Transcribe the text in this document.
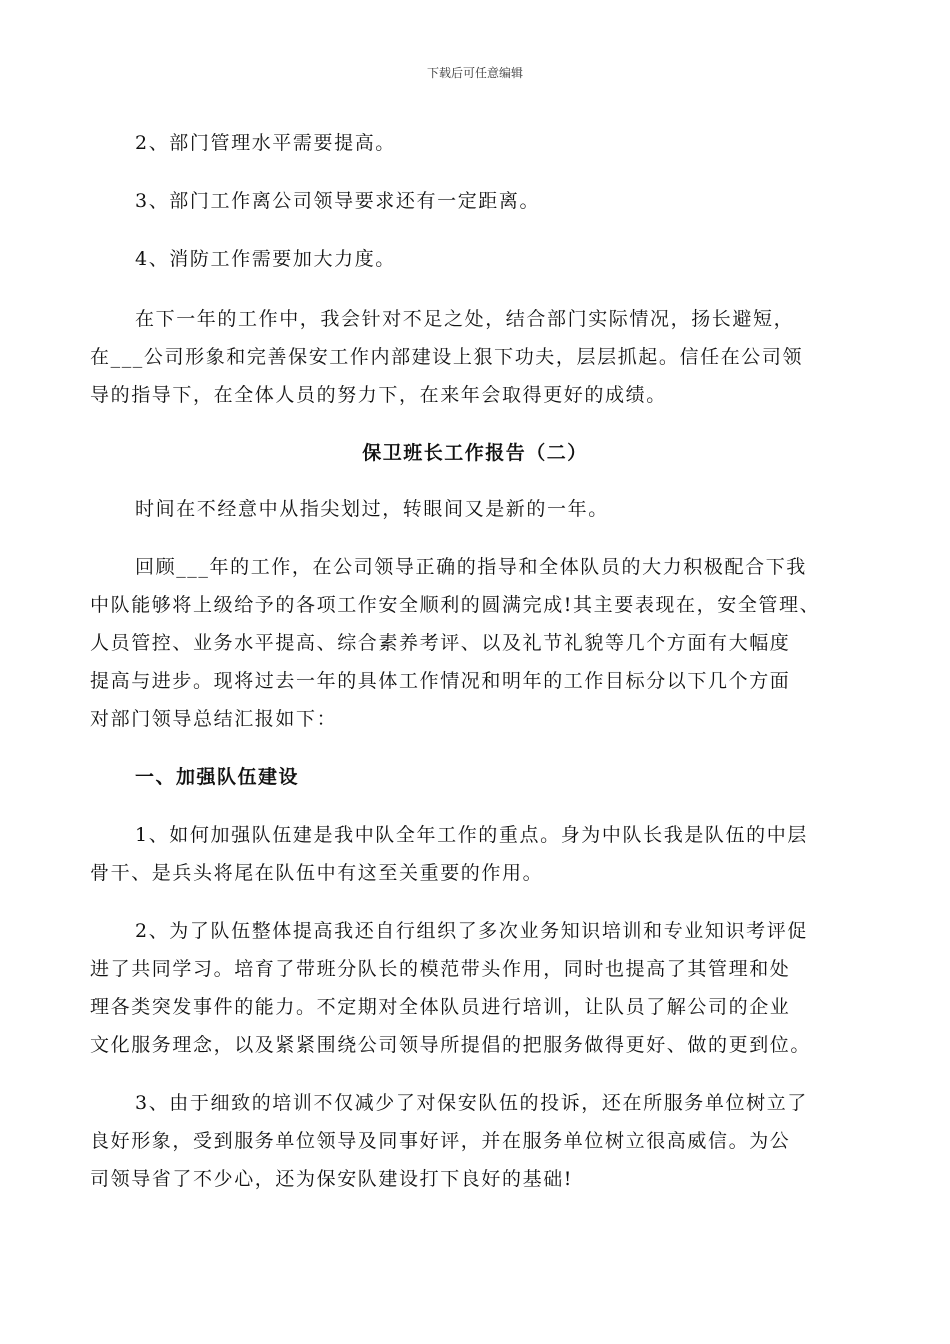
下载后可任意编辑
2、部门管理水平需要提高。
3、部门工作离公司领导要求还有一定距离。
4、消防工作需要加大力度。
在下一年的工作中，我会针对不足之处，结合部门实际情况，扬长避短，
在___公司形象和完善保安工作内部建设上狠下功夫，层层抓起。信任在公司领
导的指导下，在全体人员的努力下，在来年会取得更好的成绩。
保卫班长工作报告（二）
时间在不经意中从指尖划过，转眼间又是新的一年。
回顾___年的工作，在公司领导正确的指导和全体队员的大力积极配合下我
中队能够将上级给予的各项工作安全顺利的圆满完成!其主要表现在，安全管理、
人员管控、业务水平提高、综合素养考评、以及礼节礼貌等几个方面有大幅度
提高与进步。现将过去一年的具体工作情况和明年的工作目标分以下几个方面
对部门领导总结汇报如下：
一、加强队伍建设
1、如何加强队伍建是我中队全年工作的重点。身为中队长我是队伍的中层
骨干、是兵头将尾在队伍中有这至关重要的作用。
2、为了队伍整体提高我还自行组织了多次业务知识培训和专业知识考评促
进了共同学习。培育了带班分队长的模范带头作用，同时也提高了其管理和处
理各类突发事件的能力。不定期对全体队员进行培训，让队员了解公司的企业
文化服务理念，以及紧紧围绕公司领导所提倡的把服务做得更好、做的更到位。
3、由于细致的培训不仅减少了对保安队伍的投诉，还在所服务单位树立了
良好形象，受到服务单位领导及同事好评，并在服务单位树立很高威信。为公
司领导省了不少心，还为保安队建设打下良好的基础!
